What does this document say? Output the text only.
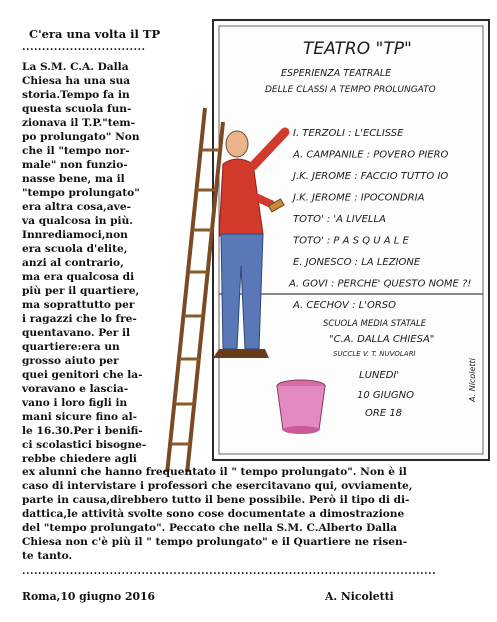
C'era una volta il TP
...............................
La S.M. C.A. Dalla
Chiesa ha una sua
storia.Tempo fa in
questa scuola fun-
zionava il T.P."tem-
po prolungato" Non
che il "tempo nor-
male" non funzio-
nasse bene, ma il
"tempo prolungato"
era altra cosa,ave-
va qualcosa in più.
Innrediamoci,non
era scuola d'elite,
anzi al contrario,
ma era qualcosa di
più per il quartiere,
ma soprattutto per
i ragazzi che lo fre-
quentavano. Per il
quartiere:era un
grosso aiuto per
quei genitori che la-
voravano e lascia-
vano i loro figli in
mani sicure fino al-
le 16.30.Per i benifi-
ci scolastici bisogne-
rebbe chiedere agli
TEATRO "TP"
ESPERIENZA TEATRALE
DELLE CLASSI A TEMPO PROLUNGATO
I. TERZOLI : L'ECLISSE
A. CAMPANILE : POVERO PIERO
J.K. JEROME : FACCIO TUTTO IO
J.K. JEROME : IPOCONDRIA
TOTO' : 'A LIVELLA
TOTO' : P A S Q U A L E
E. JONESCO : LA LEZIONE
A. GOVI : PERCHE' QUESTO NOME ?!
A. CECHOV : L'ORSO
SCUOLA MEDIA STATALE
"C.A. DALLA CHIESA"
SUCCLE V. T. NUVOLARI
LUNEDI'
10 GIUGNO
ORE 18
A. Nicoletti
ex alunni che hanno frequentato il " tempo prolungato". Non è il
caso di intervistare i professori che esercitavano qui, ovviamente,
parte in causa,direbbero tutto il bene possibile. Però il tipo di di-
dattica,le attività svolte sono cose documentate a dimostrazione
del "tempo prolungato". Peccato che nella S.M. C.Alberto Dalla
Chiesa non c'è più il " tempo prolungato" e il Quartiere ne risen-
te tanto.
........................................................................................................
Roma,10 giugno 2016	A. Nicoletti
